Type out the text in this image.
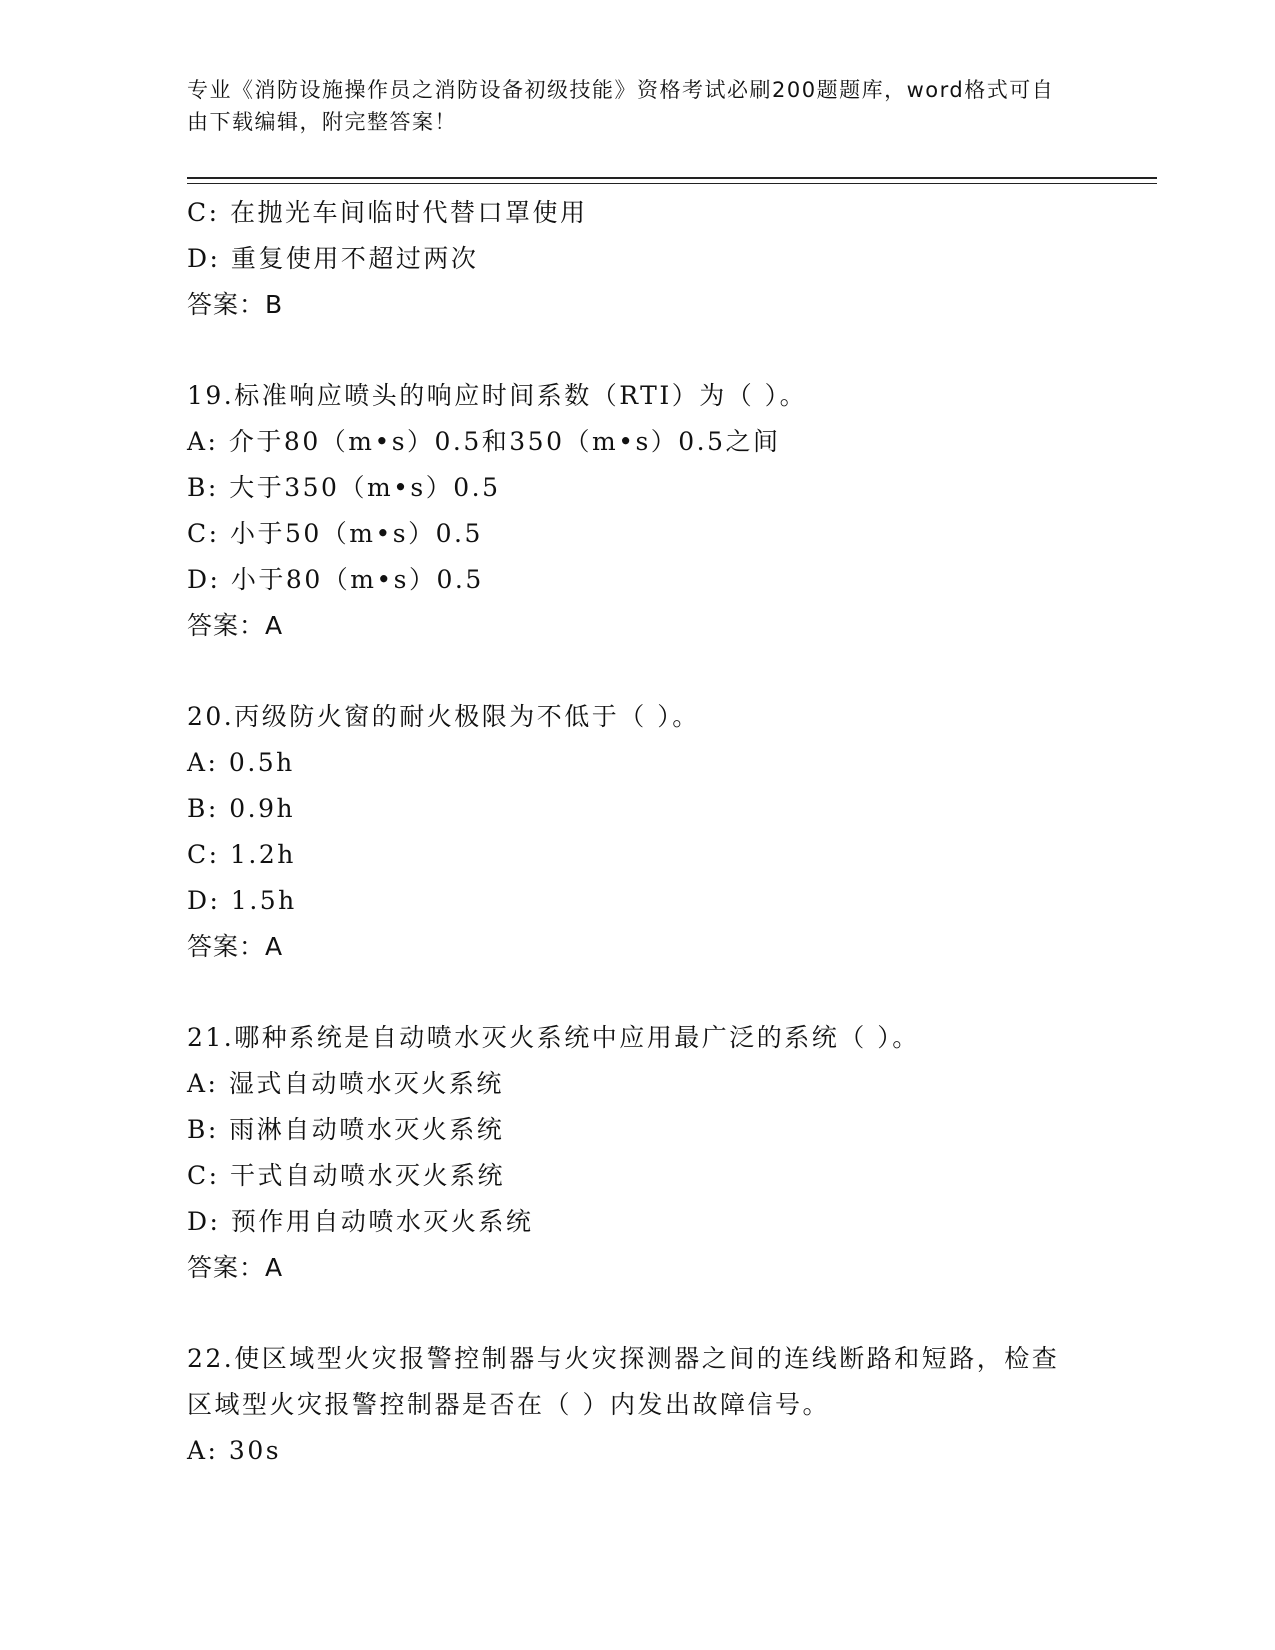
专业《消防设施操作员之消防设备初级技能》资格考试必刷200题题库，word格式可自由下载编辑，附完整答案！
C: 在抛光车间临时代替口罩使用
D: 重复使用不超过两次
答案：B
19.标准响应喷头的响应时间系数（RTI）为（ ）。
A: 介于80（m•s）0.5和350（m•s）0.5之间
B: 大于350（m•s）0.5
C: 小于50（m•s）0.5
D: 小于80（m•s）0.5
答案：A
20.丙级防火窗的耐火极限为不低于（ ）。
A: 0.5h
B: 0.9h
C: 1.2h
D: 1.5h
答案：A
21.哪种系统是自动喷水灭火系统中应用最广泛的系统（ ）。
A: 湿式自动喷水灭火系统
B: 雨淋自动喷水灭火系统
C: 干式自动喷水灭火系统
D: 预作用自动喷水灭火系统
答案：A
22.使区域型火灾报警控制器与火灾探测器之间的连线断路和短路，检查区域型火灾报警控制器是否在（ ）内发出故障信号。
A: 30s
